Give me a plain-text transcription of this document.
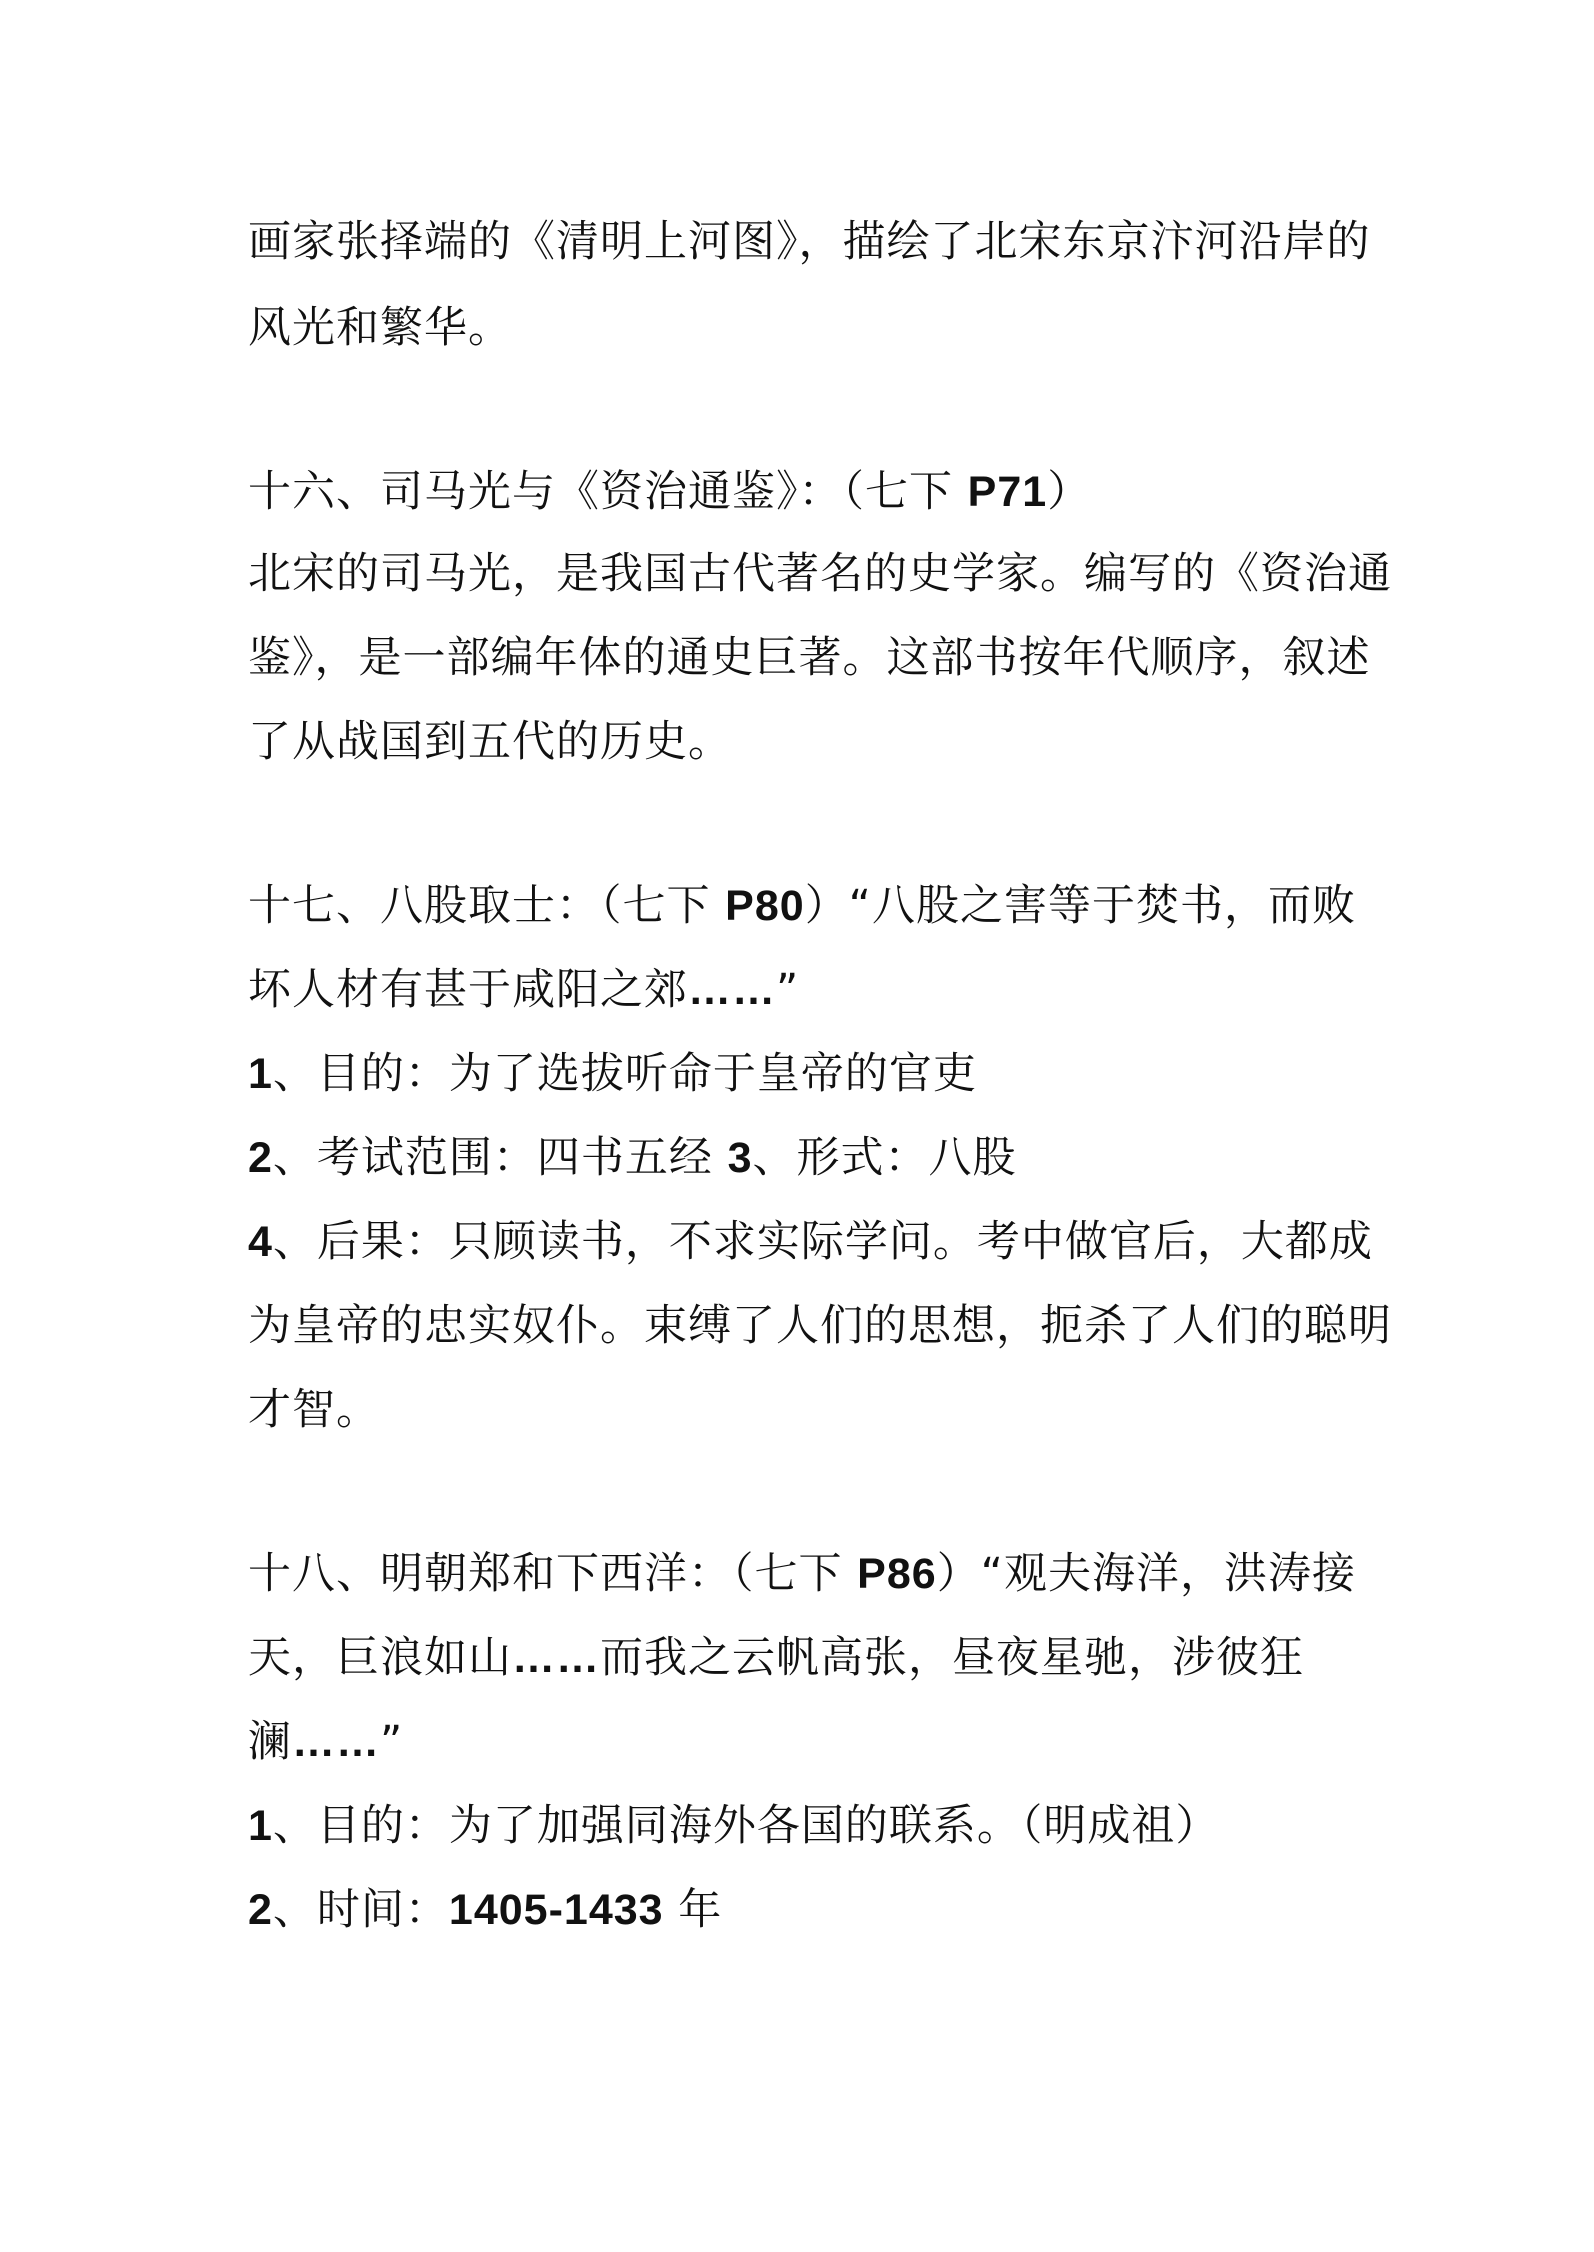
画家张择端的《清明上河图》，描绘了北宋东京汴河沿岸的
风光和繁华。
十六、司马光与《资治通鉴》：（七下 P71）
北宋的司马光，是我国古代著名的史学家。编写的《资治通
鉴》，是一部编年体的通史巨著。这部书按年代顺序，叙述
了从战国到五代的历史。
十七、八股取士：（七下 P80）“八股之害等于焚书，而败
坏人材有甚于咸阳之郊……”
1、目的：为了选拔听命于皇帝的官吏
2、考试范围：四书五经 3、形式：八股
4、后果：只顾读书，不求实际学问。考中做官后，大都成
为皇帝的忠实奴仆。束缚了人们的思想，扼杀了人们的聪明
才智。
十八、明朝郑和下西洋：（七下 P86）“观夫海洋，洪涛接
天，巨浪如山……而我之云帆高张，昼夜星驰，涉彼狂
澜……”
1、目的：为了加强同海外各国的联系。（明成祖）
2、时间：1405-1433 年
